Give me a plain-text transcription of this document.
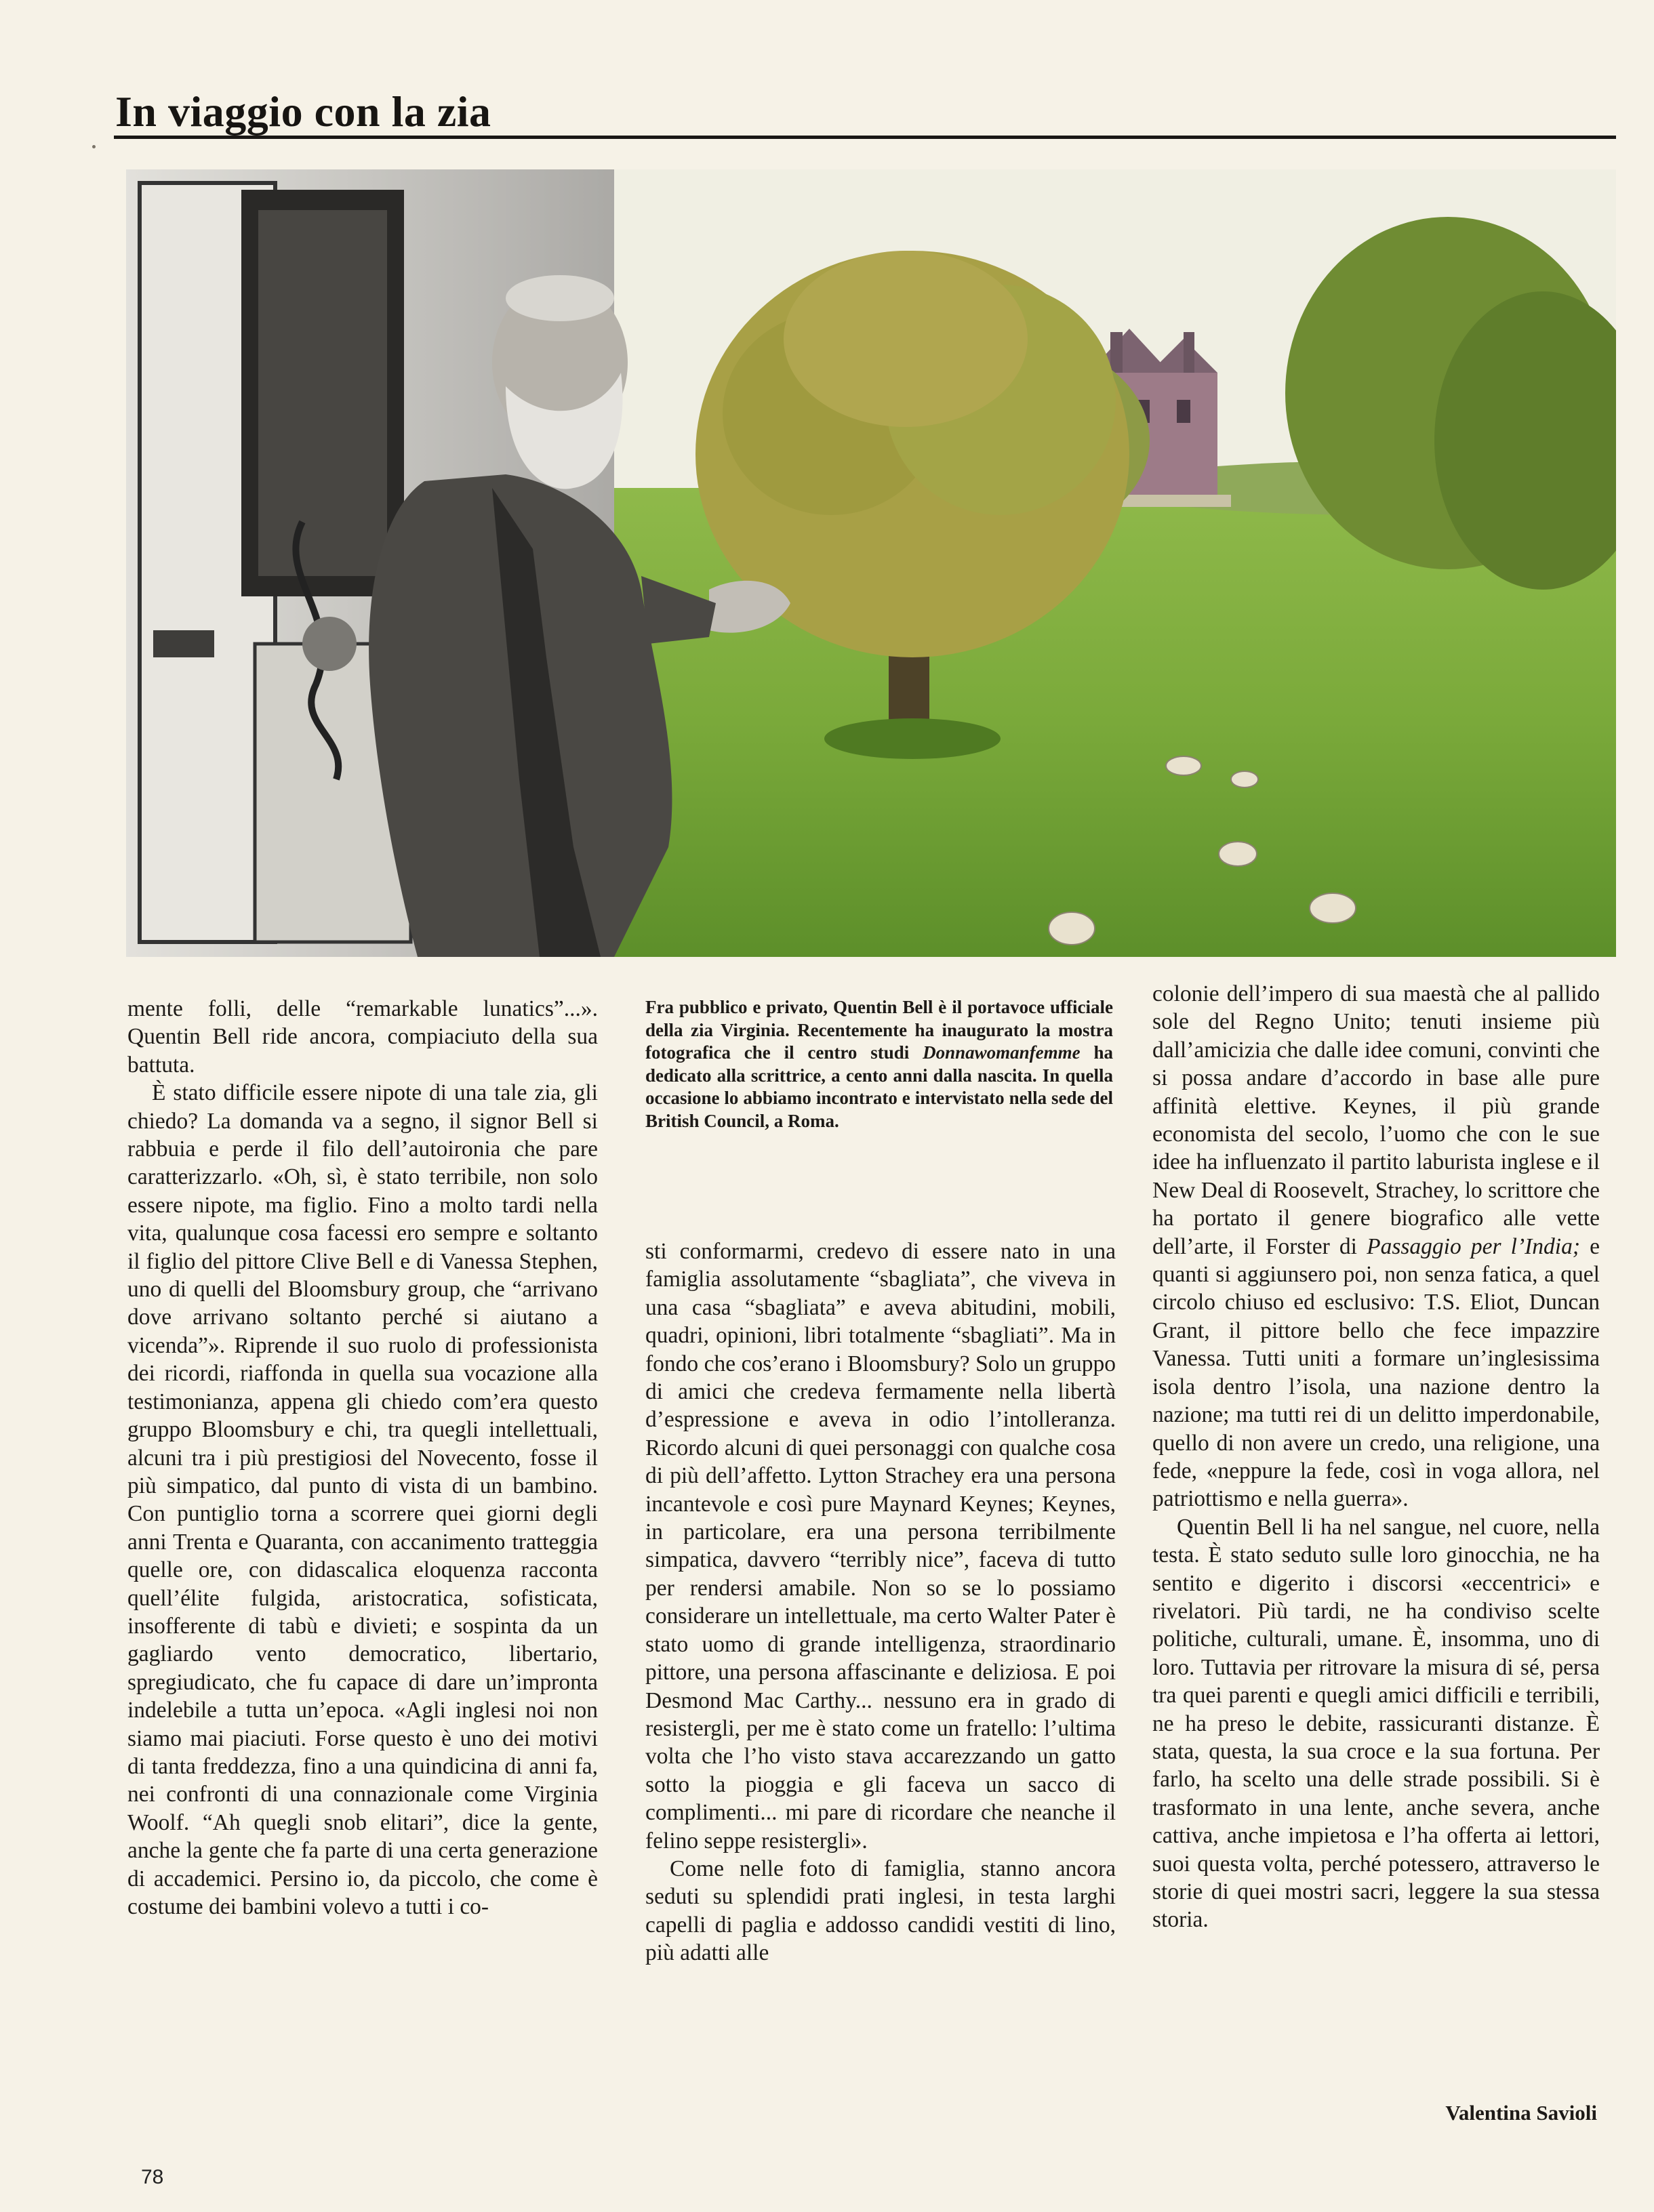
In viaggio con la zia

mente folli, delle “remarkable lunatics”...». Quentin Bell ride ancora, compiaciuto della sua battuta.

È stato difficile essere nipote di una tale zia, gli chiedo? La domanda va a segno, il signor Bell si rabbuia e perde il filo dell’autoironia che pare caratterizzarlo. «Oh, sì, è stato terribile, non solo essere nipote, ma figlio. Fino a molto tardi nella vita, qualunque cosa facessi ero sempre e soltanto il figlio del pittore Clive Bell e di Vanessa Stephen, uno di quelli del Bloomsbury group, che “arrivano dove arrivano soltanto perché si aiutano a vicenda”». Riprende il suo ruolo di professionista dei ricordi, riaffonda in quella sua vocazione alla testimonianza, appena gli chiedo com’era questo gruppo Bloomsbury e chi, tra quegli intellettuali, alcuni tra i più prestigiosi del Novecento, fosse il più simpatico, dal punto di vista di un bambino. Con puntiglio torna a scorrere quei giorni degli anni Trenta e Quaranta, con accanimento tratteggia quelle ore, con didascalica eloquenza racconta quell’élite fulgida, aristocratica, sofisticata, insofferente di tabù e divieti; e sospinta da un gagliardo vento democratico, libertario, spregiudicato, che fu capace di dare un’impronta indelebile a tutta un’epoca. «Agli inglesi noi non siamo mai piaciuti. Forse questo è uno dei motivi di tanta freddezza, fino a una quindicina di anni fa, nei confronti di una connazionale come Virginia Woolf. “Ah quegli snob elitari”, dice la gente, anche la gente che fa parte di una certa generazione di accademici. Persino io, da piccolo, che come è costume dei bambini volevo a tutti i co-

Fra pubblico e privato, Quentin Bell è il portavoce ufficiale della zia Virginia. Recentemente ha inaugurato la mostra fotografica che il centro studi Donnawomanfemme ha dedicato alla scrittrice, a cento anni dalla nascita. In quella occasione lo abbiamo incontrato e intervistato nella sede del British Council, a Roma.

sti conformarmi, credevo di essere nato in una famiglia assolutamente “sbagliata”, che viveva in una casa “sbagliata” e aveva abitudini, mobili, quadri, opinioni, libri totalmente “sbagliati”. Ma in fondo che cos’erano i Bloomsbury? Solo un gruppo di amici che credeva fermamente nella libertà d’espressione e aveva in odio l’intolleranza. Ricordo alcuni di quei personaggi con qualche cosa di più dell’affetto. Lytton Strachey era una persona incantevole e così pure Maynard Keynes; Keynes, in particolare, era una persona terribilmente simpatica, davvero “terribly nice”, faceva di tutto per rendersi amabile. Non so se lo possiamo considerare un intellettuale, ma certo Walter Pater è stato uomo di grande intelligenza, straordinario pittore, una persona affascinante e deliziosa. E poi Desmond Mac Carthy... nessuno era in grado di resistergli, per me è stato come un fratello: l’ultima volta che l’ho visto stava accarezzando un gatto sotto la pioggia e gli faceva un sacco di complimenti... mi pare di ricordare che neanche il felino seppe resistergli».

Come nelle foto di famiglia, stanno ancora seduti su splendidi prati inglesi, in testa larghi capelli di paglia e addosso candidi vestiti di lino, più adatti alle

colonie dell’impero di sua maestà che al pallido sole del Regno Unito; tenuti insieme più dall’amicizia che dalle idee comuni, convinti che si possa andare d’accordo in base alle pure affinità elettive. Keynes, il più grande economista del secolo, l’uomo che con le sue idee ha influenzato il partito laburista inglese e il New Deal di Roosevelt, Strachey, lo scrittore che ha portato il genere biografico alle vette dell’arte, il Forster di Passaggio per l’India; e quanti si aggiunsero poi, non senza fatica, a quel circolo chiuso ed esclusivo: T.S. Eliot, Duncan Grant, il pittore bello che fece impazzire Vanessa. Tutti uniti a formare un’inglesissima isola dentro l’isola, una nazione dentro la nazione; ma tutti rei di un delitto imperdonabile, quello di non avere un credo, una religione, una fede, «neppure la fede, così in voga allora, nel patriottismo e nella guerra».

Quentin Bell li ha nel sangue, nel cuore, nella testa. È stato seduto sulle loro ginocchia, ne ha sentito e digerito i discorsi «eccentrici» e rivelatori. Più tardi, ne ha condiviso scelte politiche, culturali, umane. È, insomma, uno di loro. Tuttavia per ritrovare la misura di sé, persa tra quei parenti e quegli amici difficili e terribili, ne ha preso le debite, rassicuranti distanze. È stata, questa, la sua croce e la sua fortuna. Per farlo, ha scelto una delle strade possibili. Si è trasformato in una lente, anche severa, anche cattiva, anche impietosa e l’ha offerta ai lettori, suoi questa volta, perché potessero, attraverso le storie di quei mostri sacri, leggere la sua stessa storia.

Valentina Savioli
78
